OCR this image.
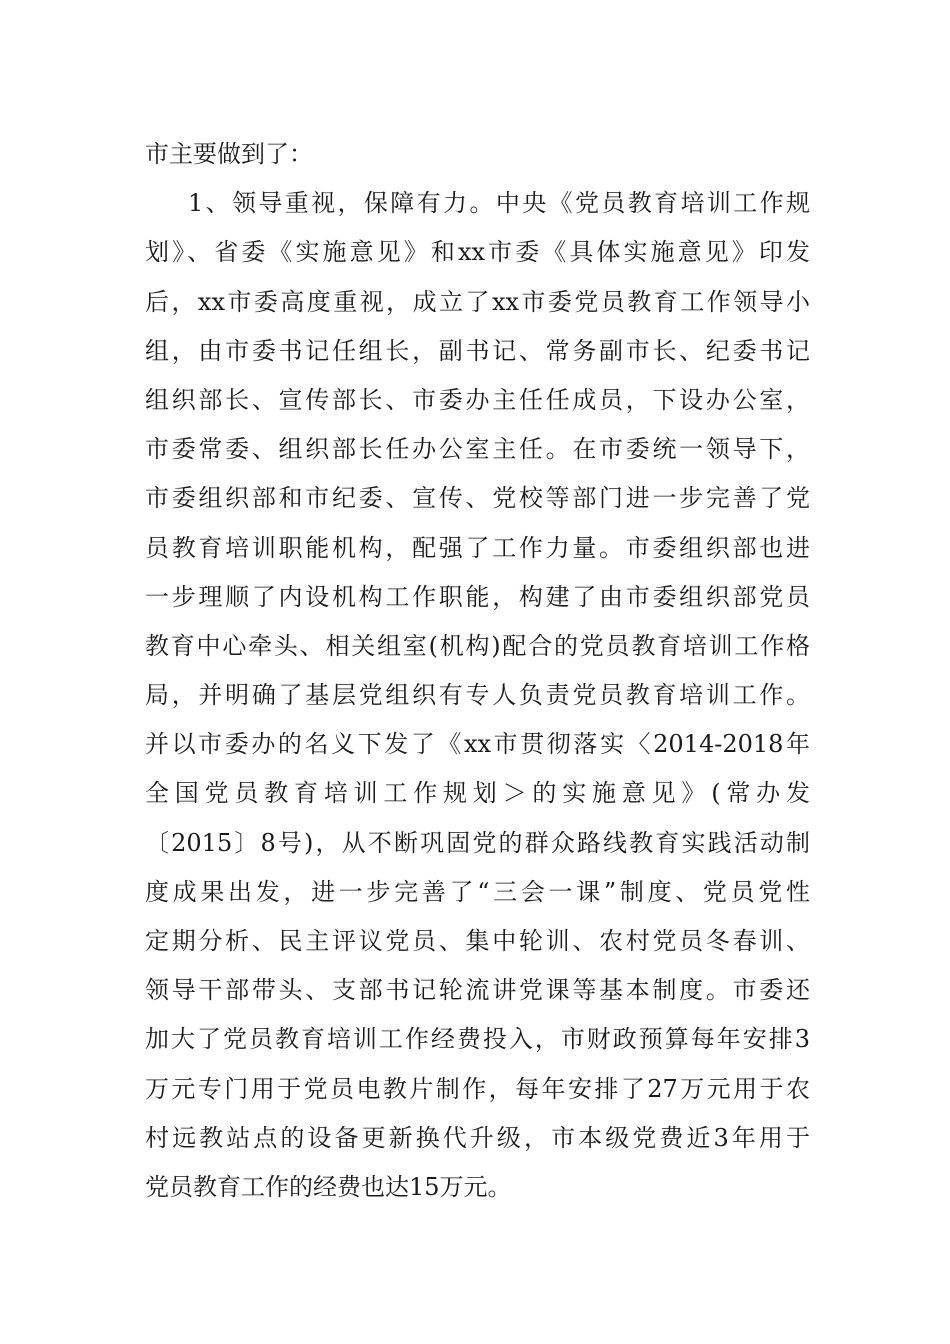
市主要做到了：
1、领导重视，保障有力。中央《党员教育培训工作规
划》、省委《实施意见》和xx市委《具体实施意见》印发
后，xx市委高度重视，成立了xx市委党员教育工作领导小
组，由市委书记任组长，副书记、常务副市长、纪委书记
组织部长、宣传部长、市委办主任任成员，下设办公室，
市委常委、组织部长任办公室主任。在市委统一领导下，
市委组织部和市纪委、宣传、党校等部门进一步完善了党
员教育培训职能机构，配强了工作力量。市委组织部也进
一步理顺了内设机构工作职能，构建了由市委组织部党员
教育中心牵头、相关组室(机构)配合的党员教育培训工作格
局，并明确了基层党组织有专人负责党员教育培训工作。
并以市委办的名义下发了《xx市贯彻落实〈2014-2018年
全国党员教育培训工作规划＞的实施意见》(常办发
〔2015〕8号)，从不断巩固党的群众路线教育实践活动制
度成果出发，进一步完善了“三会一课”制度、党员党性
定期分析、民主评议党员、集中轮训、农村党员冬春训、
领导干部带头、支部书记轮流讲党课等基本制度。市委还
加大了党员教育培训工作经费投入，市财政预算每年安排3
万元专门用于党员电教片制作，每年安排了27万元用于农
村远教站点的设备更新换代升级，市本级党费近3年用于
党员教育工作的经费也达15万元。
